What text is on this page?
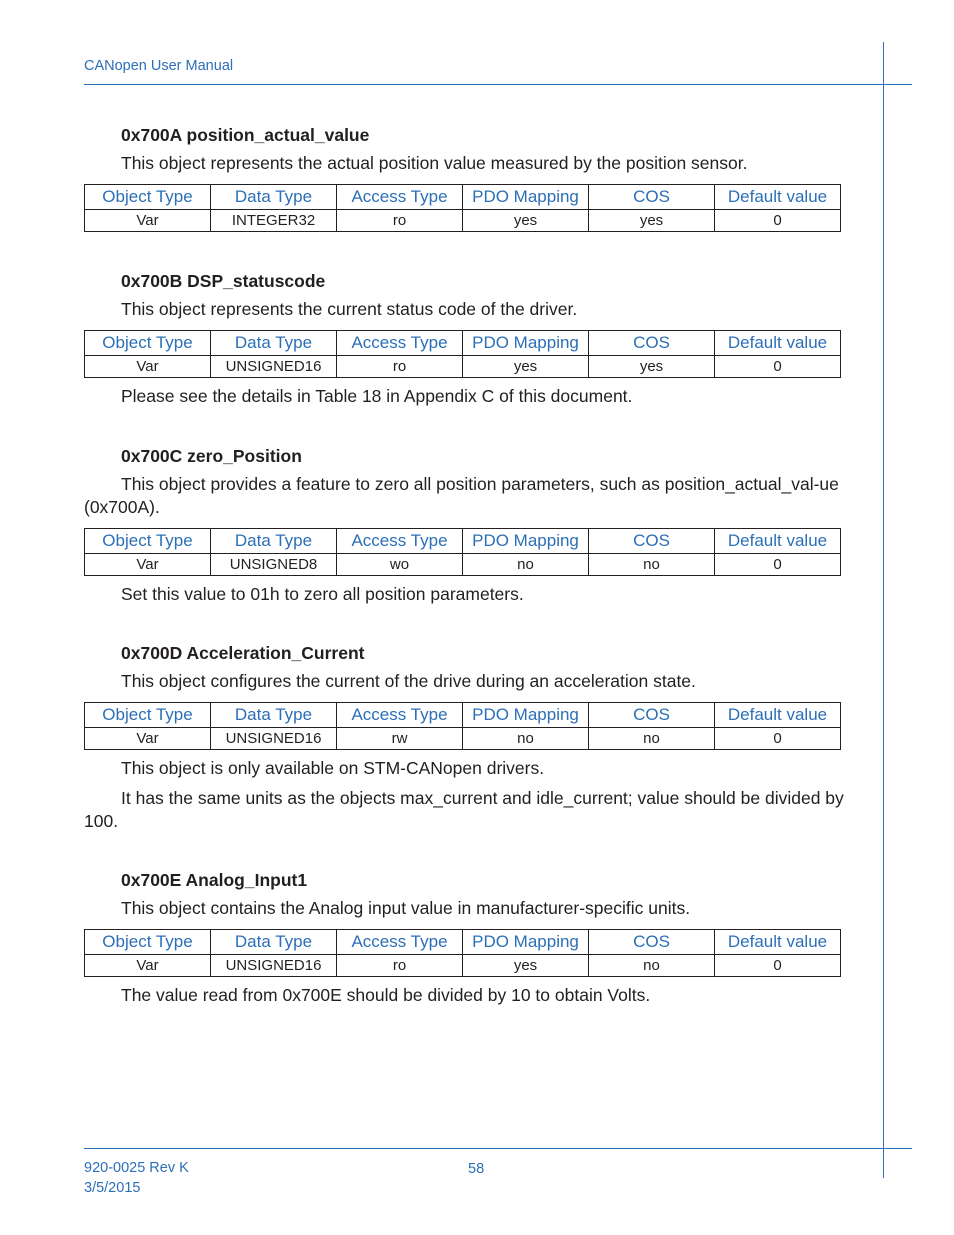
CANopen User Manual
0x700A position_actual_value

This object represents the actual position value measured by the position sensor.

Object Type	Data Type	Access Type	PDO Mapping	COS	Default value
Var	INTEGER32	ro	yes	yes	0
0x700B DSP_statuscode

This object represents the current status code of the driver.

Object Type	Data Type	Access Type	PDO Mapping	COS	Default value
Var	UNSIGNED16	ro	yes	yes	0

Please see the details in Table 18 in Appendix C of this document.

0x700C zero_Position

This object provides a feature to zero all position parameters, such as position_actual_val-ue (0x700A).

Object Type	Data Type	Access Type	PDO Mapping	COS	Default value
Var	UNSIGNED8	wo	no	no	0

Set this value to 01h to zero all position parameters.

0x700D Acceleration_Current

This object configures the current of the drive during an acceleration state.

Object Type	Data Type	Access Type	PDO Mapping	COS	Default value
Var	UNSIGNED16	rw	no	no	0

This object is only available on STM-CANopen drivers.

It has the same units as the objects max_current and idle_current; value should be divided by 100.

0x700E Analog_Input1

This object contains the Analog input value in manufacturer-specific units.

Object Type	Data Type	Access Type	PDO Mapping	COS	Default value
Var	UNSIGNED16	ro	yes	no	0

The value read from 0x700E should be divided by 10 to obtain Volts.

920-0025 Rev K
3/5/2015
58
